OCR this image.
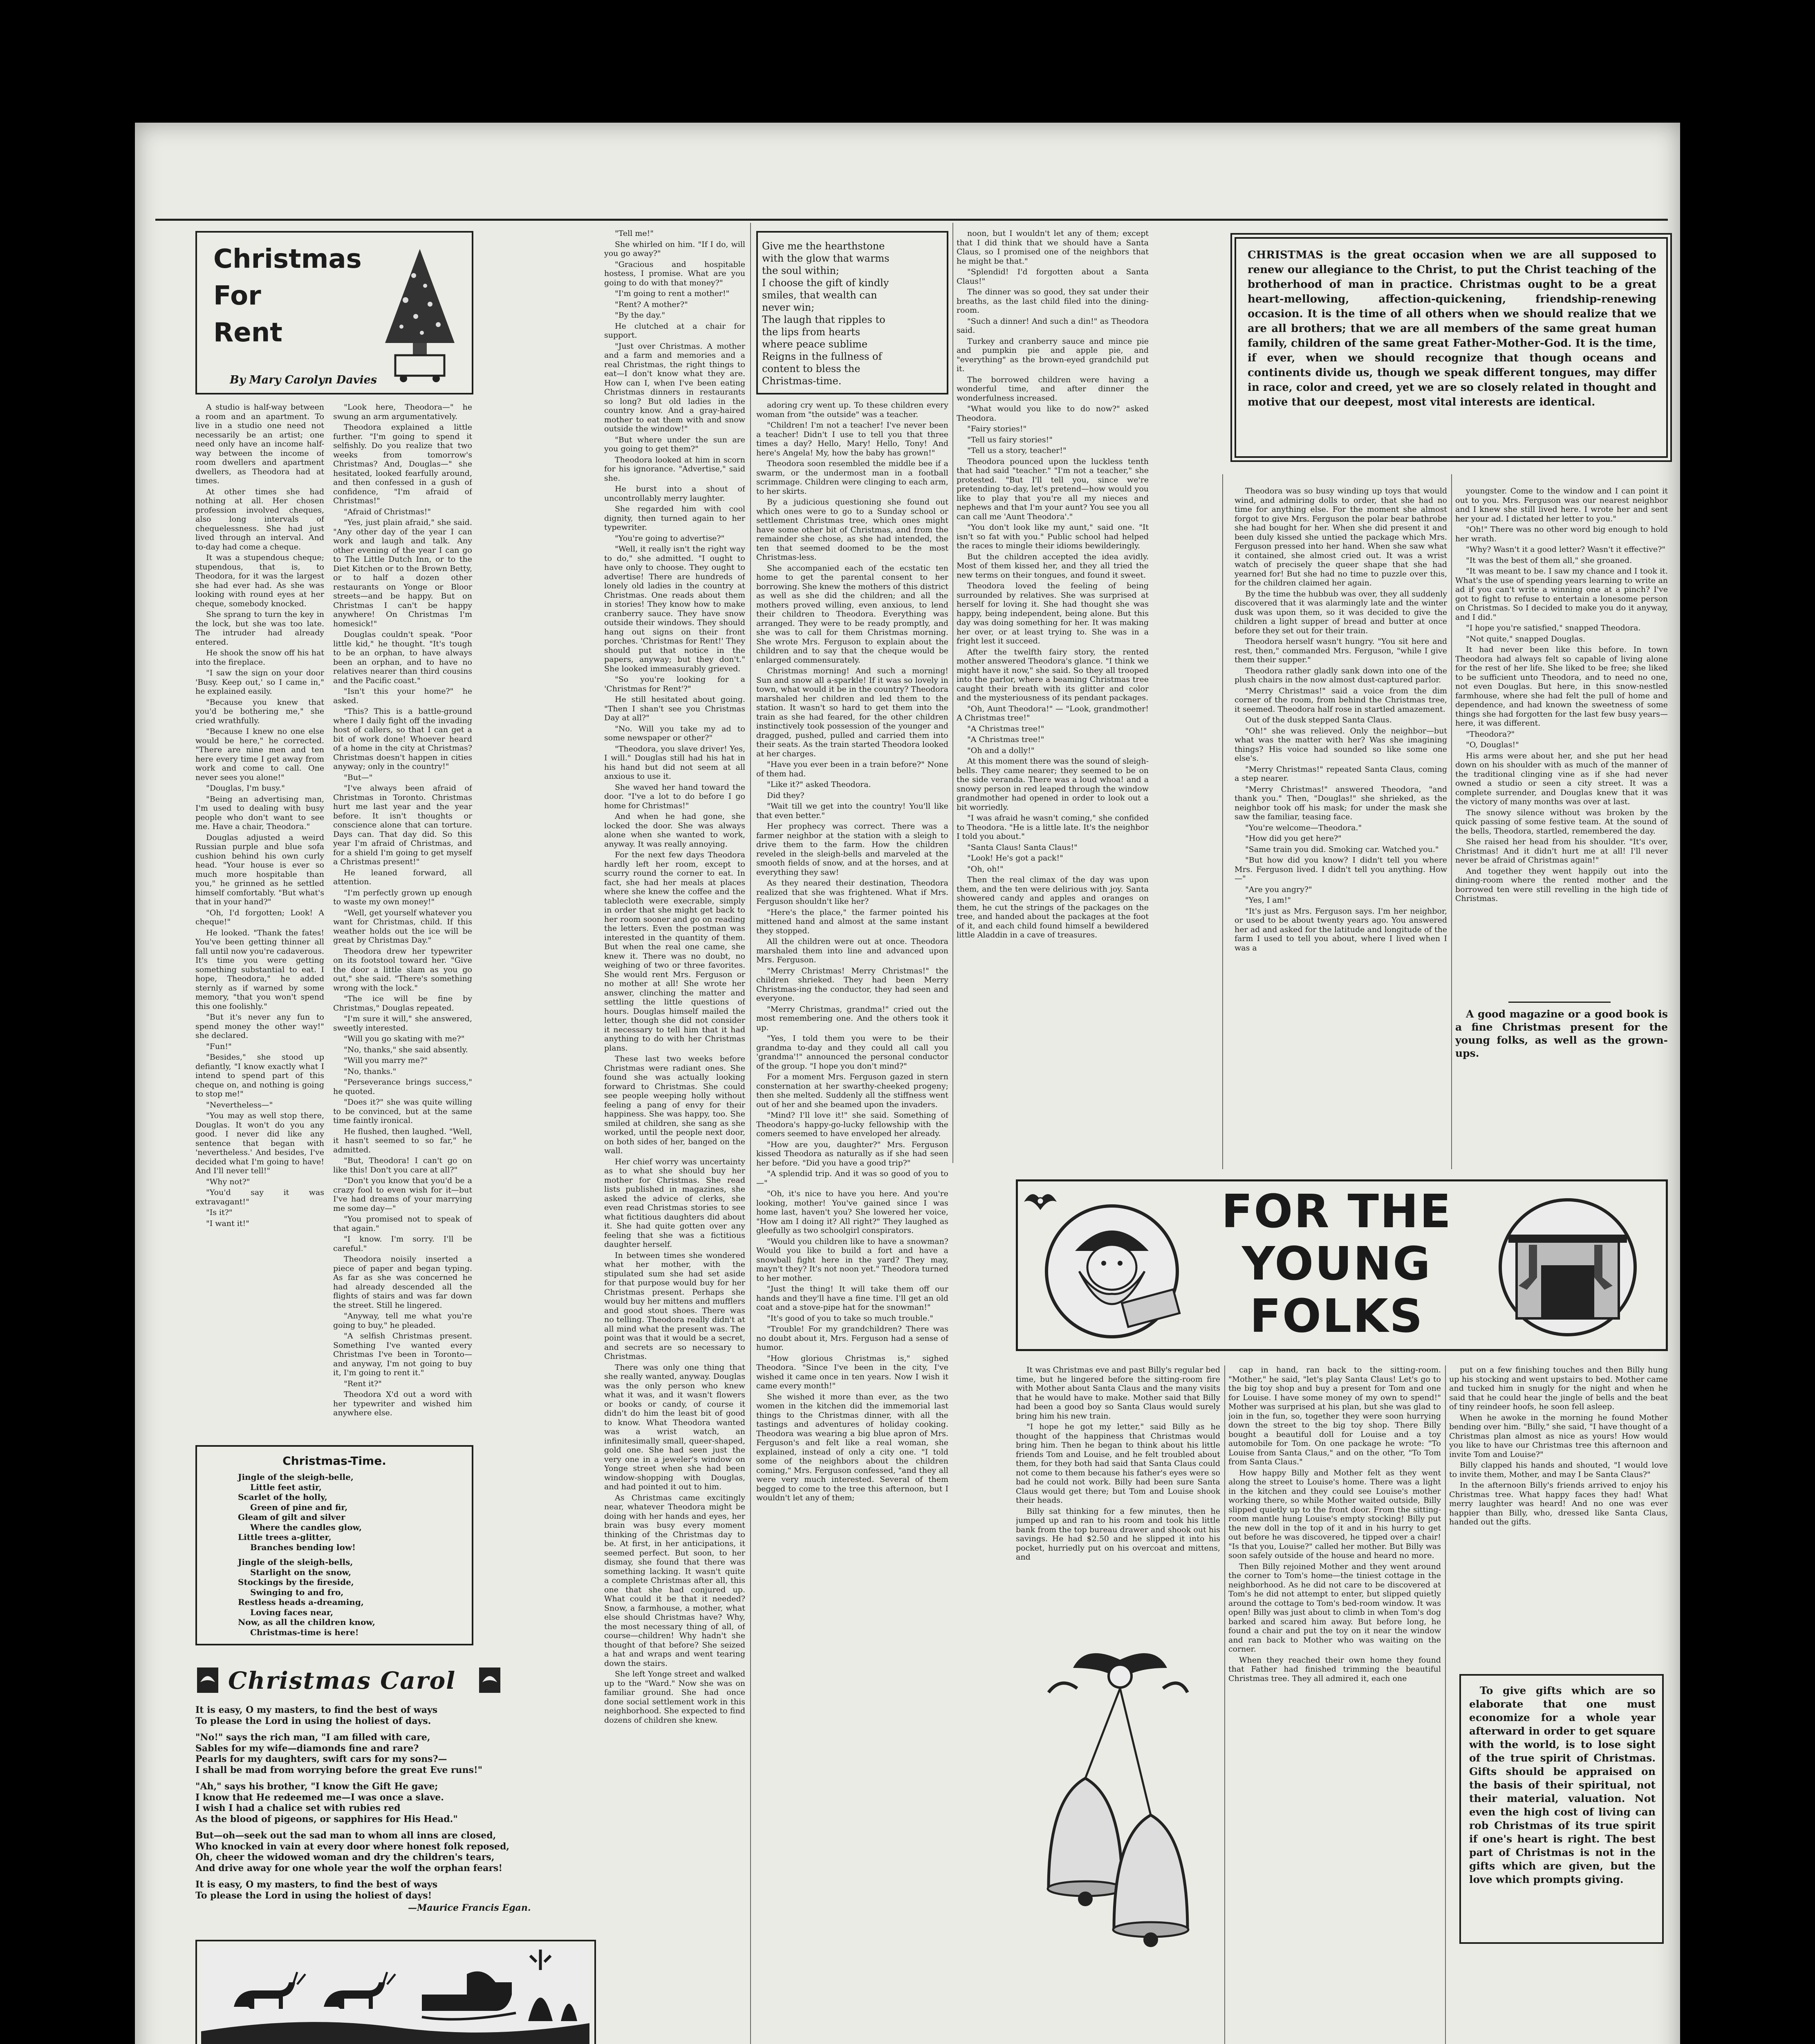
Christmas
For
Rent
By Mary Carolyn Davies

A studio is half-way between a room and an apartment. To live in a studio one need not necessarily be an artist; one need only have an income half-way between the income of room dwellers and apartment dwellers, as Theodora had at times.

At other times she had nothing at all. Her chosen profession involved cheques, also long intervals of chequelessness. She had just lived through an interval. And to-day had come a cheque.

It was a stupendous cheque; stupendous, that is, to Theodora, for it was the largest she had ever had. As she was looking with round eyes at her cheque, somebody knocked.

She sprang to turn the key in the lock, but she was too late. The intruder had already entered.

He shook the snow off his hat into the fireplace.

"I saw the sign on your door 'Busy. Keep out,' so I came in," he explained easily.

"Because you knew that you'd be bothering me," she cried wrathfully.

"Because I knew no one else would be here," he corrected. "There are nine men and ten here every time I get away from work and come to call. One never sees you alone!"

"Douglas, I'm busy."

"Being an advertising man, I'm used to dealing with busy people who don't want to see me. Have a chair, Theodora."

Douglas adjusted a weird Russian purple and blue sofa cushion behind his own curly head. "Your house is ever so much more hospitable than you," he grinned as he settled himself comfortably. "But what's that in your hand?"

"Oh, I'd forgotten; Look! A cheque!"

He looked. "Thank the fates! You've been getting thinner all fall until now you're cadaverous. It's time you were getting something substantial to eat. I hope, Theodora," he added sternly as if warned by some memory, "that you won't spend this one foolishly."

"But it's never any fun to spend money the other way!" she declared.

"Fun!"

"Besides," she stood up defiantly, "I know exactly what I intend to spend part of this cheque on, and nothing is going to stop me!"

"Nevertheless—"

"You may as well stop there, Douglas. It won't do you any good. I never did like any sentence that began with 'nevertheless.' And besides, I've decided what I'm going to have! And I'll never tell!"

"Why not?"

"You'd say it was extravagant!"

"Is it?"

"I want it!"

"Look here, Theodora—" he swung an arm argumentatively.

Theodora explained a little further. "I'm going to spend it selfishly. Do you realize that two weeks from tomorrow's Christmas? And, Douglas—" she hesitated, looked fearfully around, and then confessed in a gush of confidence, "I'm afraid of Christmas!"

"Afraid of Christmas!"

"Yes, just plain afraid," she said. "Any other day of the year I can work and laugh and talk. Any other evening of the year I can go to The Little Dutch Inn, or to the Diet Kitchen or to the Brown Betty, or to half a dozen other restaurants on Yonge or Bloor streets—and be happy. But on Christmas I can't be happy anywhere! On Christmas I'm homesick!"

Douglas couldn't speak. "Poor little kid," he thought. "It's tough to be an orphan, to have always been an orphan, and to have no relatives nearer than third cousins and the Pacific coast."

"Isn't this your home?" he asked.

"This? This is a battle-ground where I daily fight off the invading host of callers, so that I can get a bit of work done! Whoever heard of a home in the city at Christmas? Christmas doesn't happen in cities anyway; only in the country!"

"But—"

"I've always been afraid of Christmas in Toronto. Christmas hurt me last year and the year before. It isn't thoughts or conscience alone that can torture. Days can. That day did. So this year I'm afraid of Christmas, and for a shield I'm going to get myself a Christmas present!"

He leaned forward, all attention.

"I'm perfectly grown up enough to waste my own money!"

"Well, get yourself whatever you want for Christmas, child. If this weather holds out the ice will be great by Christmas Day."

Theodora drew her typewriter on its footstool toward her. "Give the door a little slam as you go out," she said. "There's something wrong with the lock."

"The ice will be fine by Christmas," Douglas repeated.

"I'm sure it will," she answered, sweetly interested.

"Will you go skating with me?"

"No, thanks," she said absently.

"Will you marry me?"

"No, thanks."

"Perseverance brings success," he quoted.

"Does it?" she was quite willing to be convinced, but at the same time faintly ironical.

He flushed, then laughed. "Well, it hasn't seemed to so far," he admitted.

"But, Theodora! I can't go on like this! Don't you care at all?"

"Don't you know that you'd be a crazy fool to even wish for it—but I've had dreams of your marrying me some day—"

"You promised not to speak of that again."

"I know. I'm sorry. I'll be careful."

Theodora noisily inserted a piece of paper and began typing. As far as she was concerned he had already descended all the flights of stairs and was far down the street. Still he lingered.

"Anyway, tell me what you're going to buy," he pleaded.

"A selfish Christmas present. Something I've wanted every Christmas I've been in Toronto—and anyway, I'm not going to buy it, I'm going to rent it."

"Rent it?"

Theodora X'd out a word with her typewriter and wished him anywhere else.

"Tell me!"

She whirled on him. "If I do, will you go away?"

"Gracious and hospitable hostess, I promise. What are you going to do with that money?"

"I'm going to rent a mother!"

"Rent? A mother?"

"By the day."

He clutched at a chair for support.

"Just over Christmas. A mother and a farm and memories and a real Christmas, the right things to eat—I don't know what they are. How can I, when I've been eating Christmas dinners in restaurants so long? But old ladies in the country know. And a gray-haired mother to eat them with and snow outside the window!"

"But where under the sun are you going to get them?"

Theodora looked at him in scorn for his ignorance. "Advertise," said she.

He burst into a shout of uncontrollably merry laughter.

She regarded him with cool dignity, then turned again to her typewriter.

"You're going to advertise?"

"Well, it really isn't the right way to do," she admitted. "I ought to have only to choose. They ought to advertise! There are hundreds of lonely old ladies in the country at Christmas. One reads about them in stories! They know how to make cranberry sauce. They have snow outside their windows. They should hang out signs on their front porches. 'Christmas for Rent!' They should put that notice in the papers, anyway; but they don't." She looked immeasurably grieved.

"So you're looking for a 'Christmas for Rent'?"

He still hesitated about going. "Then I shan't see you Christmas Day at all?"

"No. Will you take my ad to some newspaper or other?"

"Theodora, you slave driver! Yes, I will." Douglas still had his hat in his hand but did not seem at all anxious to use it.

She waved her hand toward the door. "I've a lot to do before I go home for Christmas!"

And when he had gone, she locked the door. She was always alone when she wanted to work, anyway. It was really annoying.

For the next few days Theodora hardly left her room, except to scurry round the corner to eat. In fact, she had her meals at places where she knew the coffee and the tablecloth were execrable, simply in order that she might get back to her room sooner and go on reading the letters. Even the postman was interested in the quantity of them. But when the real one came, she knew it. There was no doubt, no weighing of two or three favorites. She would rent Mrs. Ferguson or no mother at all! She wrote her answer, clinching the matter and settling the little questions of hours. Douglas himself mailed the letter, though she did not consider it necessary to tell him that it had anything to do with her Christmas plans.

These last two weeks before Christmas were radiant ones. She found she was actually looking forward to Christmas. She could see people weeping holly without feeling a pang of envy for their happiness. She was happy, too. She smiled at children, she sang as she worked, until the people next door, on both sides of her, banged on the wall.

Her chief worry was uncertainty as to what she should buy her mother for Christmas. She read lists published in magazines, she asked the advice of clerks, she even read Christmas stories to see what fictitious daughters did about it. She had quite gotten over any feeling that she was a fictitious daughter herself.

In between times she wondered what her mother, with the stipulated sum she had set aside for that purpose would buy for her Christmas present. Perhaps she would buy her mittens and mufflers and good stout shoes. There was no telling. Theodora really didn't at all mind what the present was. The point was that it would be a secret, and secrets are so necessary to Christmas.

There was only one thing that she really wanted, anyway. Douglas was the only person who knew what it was, and it wasn't flowers or books or candy, of course it didn't do him the least bit of good to know. What Theodora wanted was a wrist watch, an infinitesimally small, queer-shaped, gold one. She had seen just the very one in a jeweler's window on Yonge street when she had been window-shopping with Douglas, and had pointed it out to him.

As Christmas came excitingly near, whatever Theodora might be doing with her hands and eyes, her brain was busy every moment thinking of the Christmas day to be. At first, in her anticipations, it seemed perfect. But soon, to her dismay, she found that there was something lacking. It wasn't quite a complete Christmas after all, this one that she had conjured up. What could it be that it needed? Snow, a farmhouse, a mother, what else should Christmas have? Why, the most necessary thing of all, of course—children! Why hadn't she thought of that before? She seized a hat and wraps and went tearing down the stairs.

She left Yonge street and walked up to the "Ward." Now she was on familiar ground. She had once done social settlement work in this neighborhood. She expected to find dozens of children she knew.

Give me the hearthstone
with the glow that warms
the soul within;
I choose the gift of kindly
smiles, that wealth can
never win;
The laugh that ripples to
the lips from hearts
where peace sublime
Reigns in the fullness of
content to bless the
Christmas-time.

adoring cry went up. To these children every woman from "the outside" was a teacher.

"Children! I'm not a teacher! I've never been a teacher! Didn't I use to tell you that three times a day? Hello, Mary! Hello, Tony! And here's Angela! My, how the baby has grown!"

Theodora soon resembled the middle bee if a swarm, or the undermost man in a football scrimmage. Children were clinging to each arm, to her skirts.

By a judicious questioning she found out which ones were to go to a Sunday school or settlement Christmas tree, which ones might have some other bit of Christmas, and from the remainder she chose, as she had intended, the ten that seemed doomed to be the most Christmas-less.

She accompanied each of the ecstatic ten home to get the parental consent to her borrowing. She knew the mothers of this district as well as she did the children; and all the mothers proved willing, even anxious, to lend their children to Theodora. Everything was arranged. They were to be ready promptly, and she was to call for them Christmas morning. She wrote Mrs. Ferguson to explain about the children and to say that the cheque would be enlarged commensurately.

Christmas morning! And such a morning! Sun and snow all a-sparkle! If it was so lovely in town, what would it be in the country? Theodora marshaled her children and led them to the station. It wasn't so hard to get them into the train as she had feared, for the other children instinctively took possession of the younger and dragged, pushed, pulled and carried them into their seats. As the train started Theodora looked at her charges.

"Have you ever been in a train before?" None of them had.

"Like it?" asked Theodora.

Did they?

"Wait till we get into the country! You'll like that even better."

Her prophecy was correct. There was a farmer neighbor at the station with a sleigh to drive them to the farm. How the children reveled in the sleigh-bells and marveled at the smooth fields of snow, and at the horses, and at everything they saw!

As they neared their destination, Theodora realized that she was frightened. What if Mrs. Ferguson shouldn't like her?

"Here's the place," the farmer pointed his mittened hand and almost at the same instant they stopped.

All the children were out at once. Theodora marshaled them into line and advanced upon Mrs. Ferguson.

"Merry Christmas! Merry Christmas!" the children shrieked. They had been Merry Christmas-ing the conductor, they had seen and everyone.

"Merry Christmas, grandma!" cried out the most remembering one. And the others took it up.

"Yes, I told them you were to be their grandma to-day and they could all call you 'grandma'!" announced the personal conductor of the group. "I hope you don't mind?"

For a moment Mrs. Ferguson gazed in stern consternation at her swarthy-cheeked progeny; then she melted. Suddenly all the stiffness went out of her and she beamed upon the invaders.

"Mind? I'll love it!" she said. Something of Theodora's happy-go-lucky fellowship with the comers seemed to have enveloped her already.

"How are you, daughter?" Mrs. Ferguson kissed Theodora as naturally as if she had seen her before. "Did you have a good trip?"

"A splendid trip. And it was so good of you to—"

"Oh, it's nice to have you here. And you're looking, mother! You've gained since I was home last, haven't you? She lowered her voice, "How am I doing it? All right?" They laughed as gleefully as two schoolgirl conspirators.

"Would you children like to have a snowman? Would you like to build a fort and have a snowball fight here in the yard? They may, mayn't they? It's not noon yet." Theodora turned to her mother.

"Just the thing! It will take them off our hands and they'll have a fine time. I'll get an old coat and a stove-pipe hat for the snowman!"

"It's good of you to take so much trouble."

"Trouble! For my grandchildren? There was no doubt about it, Mrs. Ferguson had a sense of humor.

"How glorious Christmas is," sighed Theodora. "Since I've been in the city, I've wished it came once in ten years. Now I wish it came every month!"

She wished it more than ever, as the two women in the kitchen did the immemorial last things to the Christmas dinner, with all the tastings and adventures of holiday cooking. Theodora was wearing a big blue apron of Mrs. Ferguson's and felt like a real woman, she explained, instead of only a city one. "I told some of the neighbors about the children coming," Mrs. Ferguson confessed, "and they all were very much interested. Several of them begged to come to the tree this afternoon, but I wouldn't let any of them;

noon, but I wouldn't let any of them; except that I did think that we should have a Santa Claus, so I promised one of the neighbors that he might be that."

"Splendid! I'd forgotten about a Santa Claus!"

The dinner was so good, they sat under their breaths, as the last child filed into the dining-room.

"Such a dinner! And such a din!" as Theodora said.

Turkey and cranberry sauce and mince pie and pumpkin pie and apple pie, and "everything" as the brown-eyed grandchild put it.

The borrowed children were having a wonderful time, and after dinner the wonderfulness increased.

"What would you like to do now?" asked Theodora.

"Fairy stories!"

"Tell us fairy stories!"

"Tell us a story, teacher!"

Theodora pounced upon the luckless tenth that had said "teacher." "I'm not a teacher," she protested. "But I'll tell you, since we're pretending to-day, let's pretend—how would you like to play that you're all my nieces and nephews and that I'm your aunt? You see you all can call me 'Aunt Theodora'."

"You don't look like my aunt," said one. "It isn't so fat with you." Public school had helped the races to mingle their idioms bewilderingly.

But the children accepted the idea avidly. Most of them kissed her, and they all tried the new terms on their tongues, and found it sweet.

Theodora loved the feeling of being surrounded by relatives. She was surprised at herself for loving it. She had thought she was happy, being independent, being alone. But this day was doing something for her. It was making her over, or at least trying to. She was in a fright lest it succeed.

After the twelfth fairy story, the rented mother answered Theodora's glance. "I think we might have it now," she said. So they all trooped into the parlor, where a beaming Christmas tree caught their breath with its glitter and color and the mysteriousness of its pendant packages.

"Oh, Aunt Theodora!" — "Look, grandmother! A Christmas tree!"

"A Christmas tree!"

"A Christmas tree!"

"Oh and a dolly!"

At this moment there was the sound of sleigh-bells. They came nearer; they seemed to be on the side veranda. There was a loud whoa! and a snowy person in red leaped through the window grandmother had opened in order to look out a bit worriedly.

"I was afraid he wasn't coming," she confided to Theodora. "He is a little late. It's the neighbor I told you about."

"Santa Claus! Santa Claus!"

"Look! He's got a pack!"

"Oh, oh!"

Then the real climax of the day was upon them, and the ten were delirious with joy. Santa showered candy and apples and oranges on them, he cut the strings of the packages on the tree, and handed about the packages at the foot of it, and each child found himself a bewildered little Aladdin in a cave of treasures.

CHRISTMAS is the great occasion when we are all supposed to renew our allegiance to the Christ, to put the Christ teaching of the brotherhood of man in practice. Christmas ought to be a great heart-mellowing, affection-quickening, friendship-renewing occasion. It is the time of all others when we should realize that we are all brothers; that we are all members of the same great human family, children of the same great Father-Mother-God. It is the time, if ever, when we should recognize that though oceans and continents divide us, though we speak different tongues, may differ in race, color and creed, yet we are so closely related in thought and motive that our deepest, most vital interests are identical.

Theodora was so busy winding up toys that would wind, and admiring dolls to order, that she had no time for anything else. For the moment she almost forgot to give Mrs. Ferguson the polar bear bathrobe she had bought for her. When she did present it and been duly kissed she untied the package which Mrs. Ferguson pressed into her hand. When she saw what it contained, she almost cried out. It was a wrist watch of precisely the queer shape that she had yearned for! But she had no time to puzzle over this, for the children claimed her again.

By the time the hubbub was over, they all suddenly discovered that it was alarmingly late and the winter dusk was upon them, so it was decided to give the children a light supper of bread and butter at once before they set out for their train.

Theodora herself wasn't hungry. "You sit here and rest, then," commanded Mrs. Ferguson, "while I give them their supper."

Theodora rather gladly sank down into one of the plush chairs in the now almost dust-captured parlor.

"Merry Christmas!" said a voice from the dim corner of the room, from behind the Christmas tree, it seemed. Theodora half rose in startled amazement.

Out of the dusk stepped Santa Claus.

"Oh!" she was relieved. Only the neighbor—but what was the matter with her? Was she imagining things? His voice had sounded so like some one else's.

"Merry Christmas!" repeated Santa Claus, coming a step nearer.

"Merry Christmas!" answered Theodora, "and thank you." Then, "Douglas!" she shrieked, as the neighbor took off his mask; for under the mask she saw the familiar, teasing face.

"You're welcome—Theodora."

"How did you get here?"

"Same train you did. Smoking car. Watched you."

"But how did you know? I didn't tell you where Mrs. Ferguson lived. I didn't tell you anything. How—"

"Are you angry?"

"Yes, I am!"

"It's just as Mrs. Ferguson says. I'm her neighbor, or used to be about twenty years ago. You answered her ad and asked for the latitude and longitude of the farm I used to tell you about, where I lived when I was a

youngster. Come to the window and I can point it out to you. Mrs. Ferguson was our nearest neighbor and I knew she still lived here. I wrote her and sent her your ad. I dictated her letter to you."

"Oh!" There was no other word big enough to hold her wrath.

"Why? Wasn't it a good letter? Wasn't it effective?"

"It was the best of them all," she groaned.

"It was meant to be. I saw my chance and I took it. What's the use of spending years learning to write an ad if you can't write a winning one at a pinch? I've got to fight to refuse to entertain a lonesome person on Christmas. So I decided to make you do it anyway, and I did."

"I hope you're satisfied," snapped Theodora.

"Not quite," snapped Douglas.

It had never been like this before. In town Theodora had always felt so capable of living alone for the rest of her life. She liked to be free; she liked to be sufficient unto Theodora, and to need no one, not even Douglas. But here, in this snow-nestled farmhouse, where she had felt the pull of home and dependence, and had known the sweetness of some things she had forgotten for the last few busy years—here, it was different.

"Theodora?"

"O, Douglas!"

His arms were about her, and she put her head down on his shoulder with as much of the manner of the traditional clinging vine as if she had never owned a studio or seen a city street. It was a complete surrender, and Douglas knew that it was the victory of many months was over at last.

The snowy silence without was broken by the quick passing of some festive team. At the sound of the bells, Theodora, startled, remembered the day.

She raised her head from his shoulder. "It's over, Christmas! And it didn't hurt me at all! I'll never never be afraid of Christmas again!"

And together they went happily out into the dining-room where the rented mother and the borrowed ten were still revelling in the high tide of Christmas.

A good magazine or a good book is a fine Christmas present for the young folks, as well as the grown-ups.
FOR THE
YOUNG
FOLKS

It was Christmas eve and past Billy's regular bed time, but he lingered before the sitting-room fire with Mother about Santa Claus and the many visits that he would have to make. Mother said that Billy had been a good boy so Santa Claus would surely bring him his new train.

"I hope he got my letter," said Billy as he thought of the happiness that Christmas would bring him. Then he began to think about his little friends Tom and Louise, and he felt troubled about them, for they both had said that Santa Claus could not come to them because his father's eyes were so bad he could not work. Billy had been sure Santa Claus would get there; but Tom and Louise shook their heads.

Billy sat thinking for a few minutes, then he jumped up and ran to his room and took his little bank from the top bureau drawer and shook out his savings. He had $2.50 and he slipped it into his pocket, hurriedly put on his overcoat and mittens, and

cap in hand, ran back to the sitting-room. "Mother," he said, "let's play Santa Claus! Let's go to the big toy shop and buy a present for Tom and one for Louise. I have some money of my own to spend!" Mother was surprised at his plan, but she was glad to join in the fun, so, together they were soon hurrying down the street to the big toy shop. There Billy bought a beautiful doll for Louise and a toy automobile for Tom. On one package he wrote: "To Louise from Santa Claus," and on the other, "To Tom from Santa Claus."

How happy Billy and Mother felt as they went along the street to Louise's home. There was a light in the kitchen and they could see Louise's mother working there, so while Mother waited outside, Billy slipped quietly up to the front door. From the sitting-room mantle hung Louise's empty stocking! Billy put the new doll in the top of it and in his hurry to get out before he was discovered, he tipped over a chair! "Is that you, Louise?" called her mother. But Billy was soon safely outside of the house and heard no more.

Then Billy rejoined Mother and they went around the corner to Tom's home—the tiniest cottage in the neighborhood. As he did not care to be discovered at Tom's he did not attempt to enter, but slipped quietly around the cottage to Tom's bed-room window. It was open! Billy was just about to climb in when Tom's dog barked and scared him away. But before long, he found a chair and put the toy on it near the window and ran back to Mother who was waiting on the corner.

When they reached their own home they found that Father had finished trimming the beautiful Christmas tree. They all admired it, each one

put on a few finishing touches and then Billy hung up his stocking and went upstairs to bed. Mother came and tucked him in snugly for the night and when he said that he could hear the jingle of bells and the beat of tiny reindeer hoofs, he soon fell asleep.

When he awoke in the morning he found Mother bending over him. "Billy," she said, "I have thought of a Christmas plan almost as nice as yours! How would you like to have our Christmas tree this afternoon and invite Tom and Louise?"

Billy clapped his hands and shouted, "I would love to invite them, Mother, and may I be Santa Claus?"

In the afternoon Billy's friends arrived to enjoy his Christmas tree. What happy faces they had! What merry laughter was heard! And no one was ever happier than Billy, who, dressed like Santa Claus, handed out the gifts.

To give gifts which are so elaborate that one must economize for a whole year afterward in order to get square with the world, is to lose sight of the true spirit of Christmas. Gifts should be appraised on the basis of their spiritual, not their material, valuation. Not even the high cost of living can rob Christmas of its true spirit if one's heart is right. The best part of Christmas is not in the gifts which are given, but the love which prompts giving.
Christmas-Time.
Jingle of the sleigh-belle,
Little feet astir,
Scarlet of the holly,
Green of pine and fir,
Gleam of gilt and silver
Where the candles glow,
Little trees a-glitter,
Branches bending low!
Jingle of the sleigh-bells,
Starlight on the snow,
Stockings by the fireside,
Swinging to and fro,
Restless heads a-dreaming,
Loving faces near,
Now, as all the children know,
Christmas-time is here!
Christmas Carol
It is easy, O my masters, to find the best of ways
To please the Lord in using the holiest of days.
"No!" says the rich man, "I am filled with care,
Sables for my wife—diamonds fine and rare?
Pearls for my daughters, swift cars for my sons?—
I shall be mad from worrying before the great Eve runs!"
"Ah," says his brother, "I know the Gift He gave;
I know that He redeemed me—I was once a slave.
I wish I had a chalice set with rubies red
As the blood of pigeons, or sapphires for His Head."
But—oh—seek out the sad man to whom all inns are closed,
Who knocked in vain at every door where honest folk reposed,
Oh, cheer the widowed woman and dry the children's tears,
And drive away for one whole year the wolf the orphan fears!
It is easy, O my masters, to find the best of ways
To please the Lord in using the holiest of days!
—Maurice Francis Egan.
